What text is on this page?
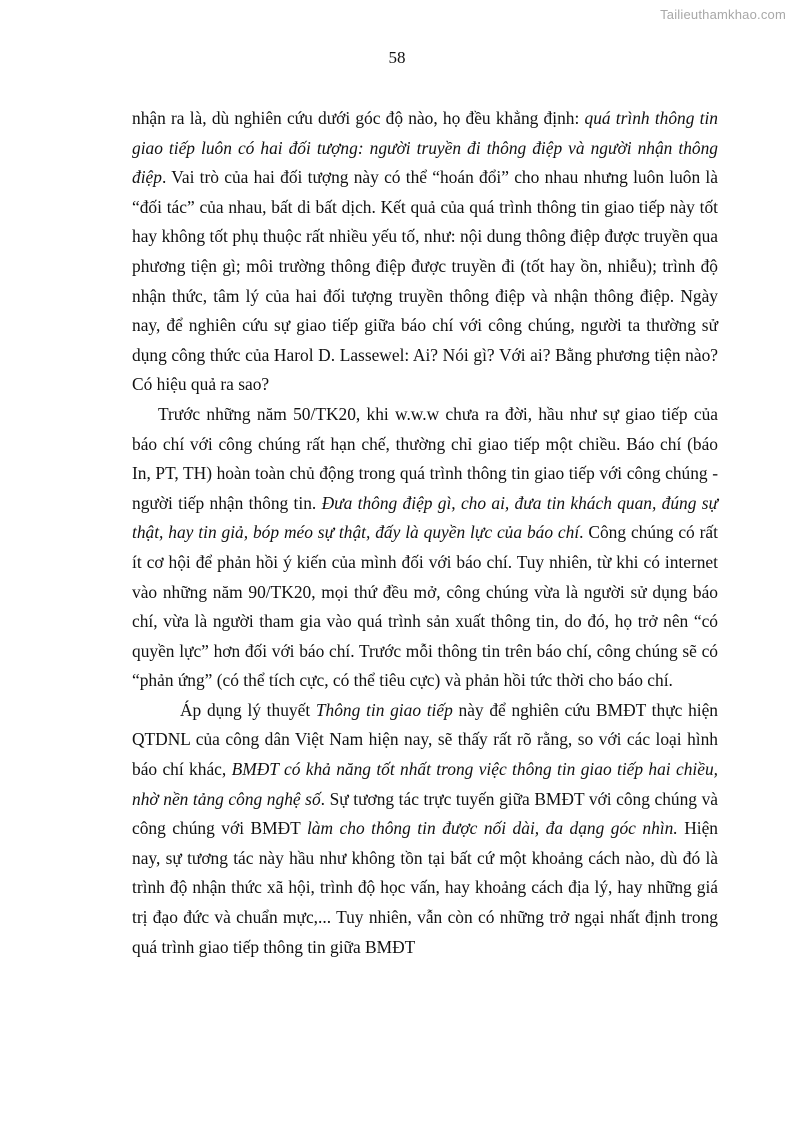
Tailieuthamkhao.com
58

nhận ra là, dù nghiên cứu dưới góc độ nào, họ đều khẳng định: quá trình thông tin giao tiếp luôn có hai đối tượng: người truyền đi thông điệp và người nhận thông điệp. Vai trò của hai đối tượng này có thể “hoán đổi” cho nhau nhưng luôn luôn là “đối tác” của nhau, bất di bất dịch. Kết quả của quá trình thông tin giao tiếp này tốt hay không tốt phụ thuộc rất nhiều yếu tố, như: nội dung thông điệp được truyền qua phương tiện gì; môi trường thông điệp được truyền đi (tốt hay ồn, nhiễu); trình độ nhận thức, tâm lý của hai đối tượng truyền thông điệp và nhận thông điệp. Ngày nay, để nghiên cứu sự giao tiếp giữa báo chí với công chúng, người ta thường sử dụng công thức của Harol D. Lassewel: Ai? Nói gì? Với ai? Bằng phương tiện nào? Có hiệu quả ra sao?

Trước những năm 50/TK20, khi w.w.w chưa ra đời, hầu như sự giao tiếp của báo chí với công chúng rất hạn chế, thường chỉ giao tiếp một chiều. Báo chí (báo In, PT, TH) hoàn toàn chủ động trong quá trình thông tin giao tiếp với công chúng - người tiếp nhận thông tin. Đưa thông điệp gì, cho ai, đưa tin khách quan, đúng sự thật, hay tin giả, bóp méo sự thật, đấy là quyền lực của báo chí. Công chúng có rất ít cơ hội để phản hồi ý kiến của mình đối với báo chí. Tuy nhiên, từ khi có internet vào những năm 90/TK20, mọi thứ đều mở, công chúng vừa là người sử dụng báo chí, vừa là người tham gia vào quá trình sản xuất thông tin, do đó, họ trở nên “có quyền lực” hơn đối với báo chí. Trước mỗi thông tin trên báo chí, công chúng sẽ có “phản ứng” (có thể tích cực, có thể tiêu cực) và phản hồi tức thời cho báo chí.

Áp dụng lý thuyết Thông tin giao tiếp này để nghiên cứu BMĐT thực hiện QTDNL của công dân Việt Nam hiện nay, sẽ thấy rất rõ rằng, so với các loại hình báo chí khác, BMĐT có khả năng tốt nhất trong việc thông tin giao tiếp hai chiều, nhờ nền tảng công nghệ số. Sự tương tác trực tuyến giữa BMĐT với công chúng và công chúng với BMĐT làm cho thông tin được nối dài, đa dạng góc nhìn. Hiện nay, sự tương tác này hầu như không tồn tại bất cứ một khoảng cách nào, dù đó là trình độ nhận thức xã hội, trình độ học vấn, hay khoảng cách địa lý, hay những giá trị đạo đức và chuẩn mực,... Tuy nhiên, vẫn còn có những trở ngại nhất định trong quá trình giao tiếp thông tin giữa BMĐT
